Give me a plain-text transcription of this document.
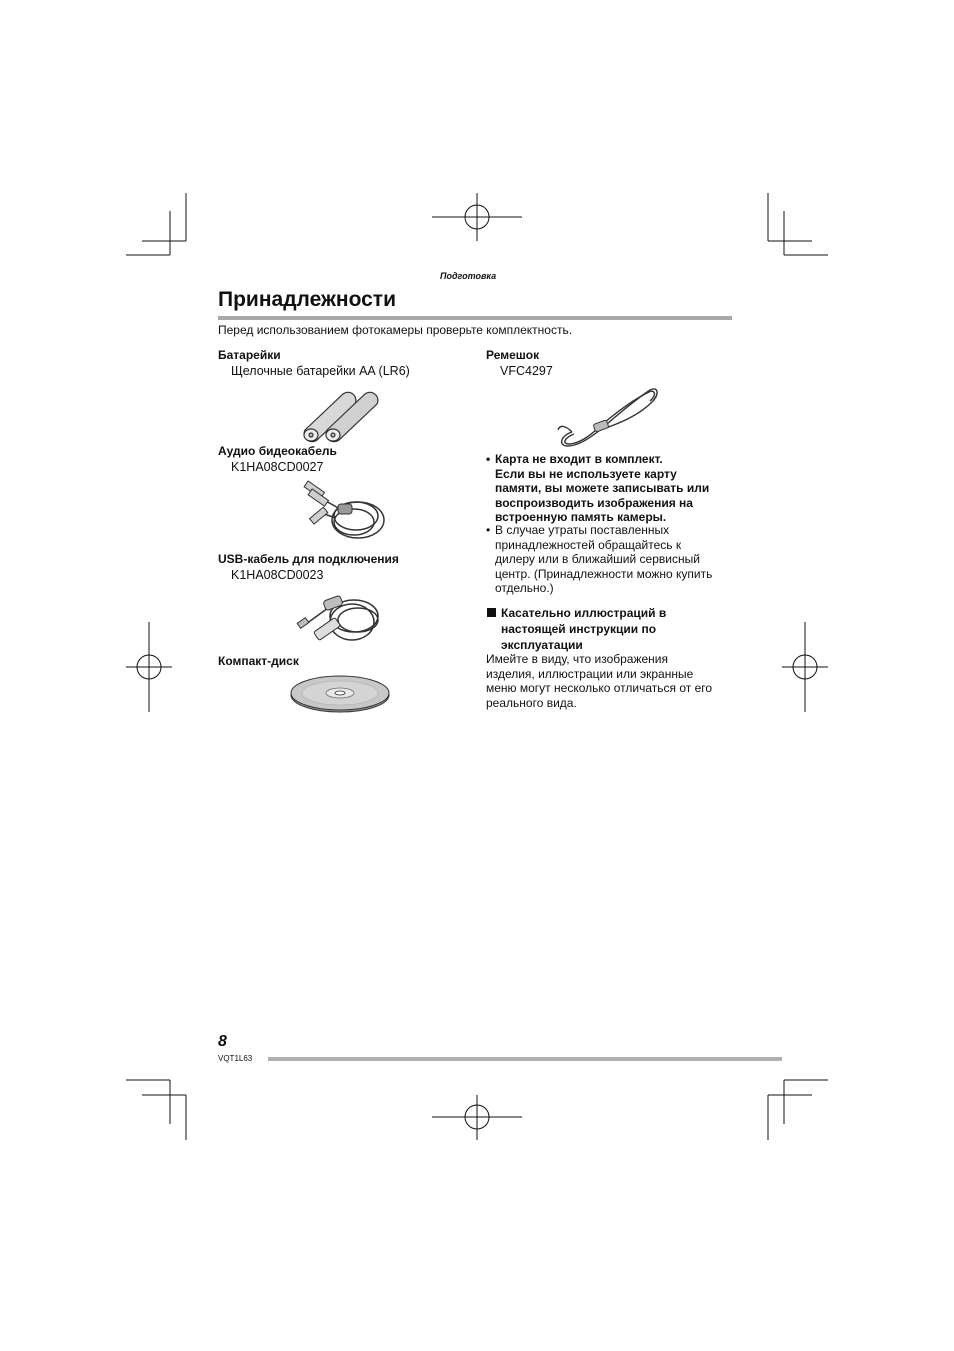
Подготовка
Принадлежности
Перед использованием фотокамеры проверьте комплектность.
Батарейки
Щелочные батарейки AA (LR6)
Аудио бидеокабель
K1HA08CD0027
USB-кабель для подключения
K1HA08CD0023
Компакт-диск
Ремешок
VFC4297
• Карта не входит в комплект.
Если вы не используете карту
памяти, вы можете записывать или
воспроизводить изображения на
встроенную память камеры.
• В случае утраты поставленных
принадлежностей обращайтесь к
дилеру или в ближайший сервисный
центр. (Принадлежности можно купить
отдельно.)
Касательно иллюстраций в
настоящей инструкции по
эксплуатации
Имейте в виду, что изображения
изделия, иллюстрации или экранные
меню могут несколько отличаться от его
реального вида.
8
VQT1L63
